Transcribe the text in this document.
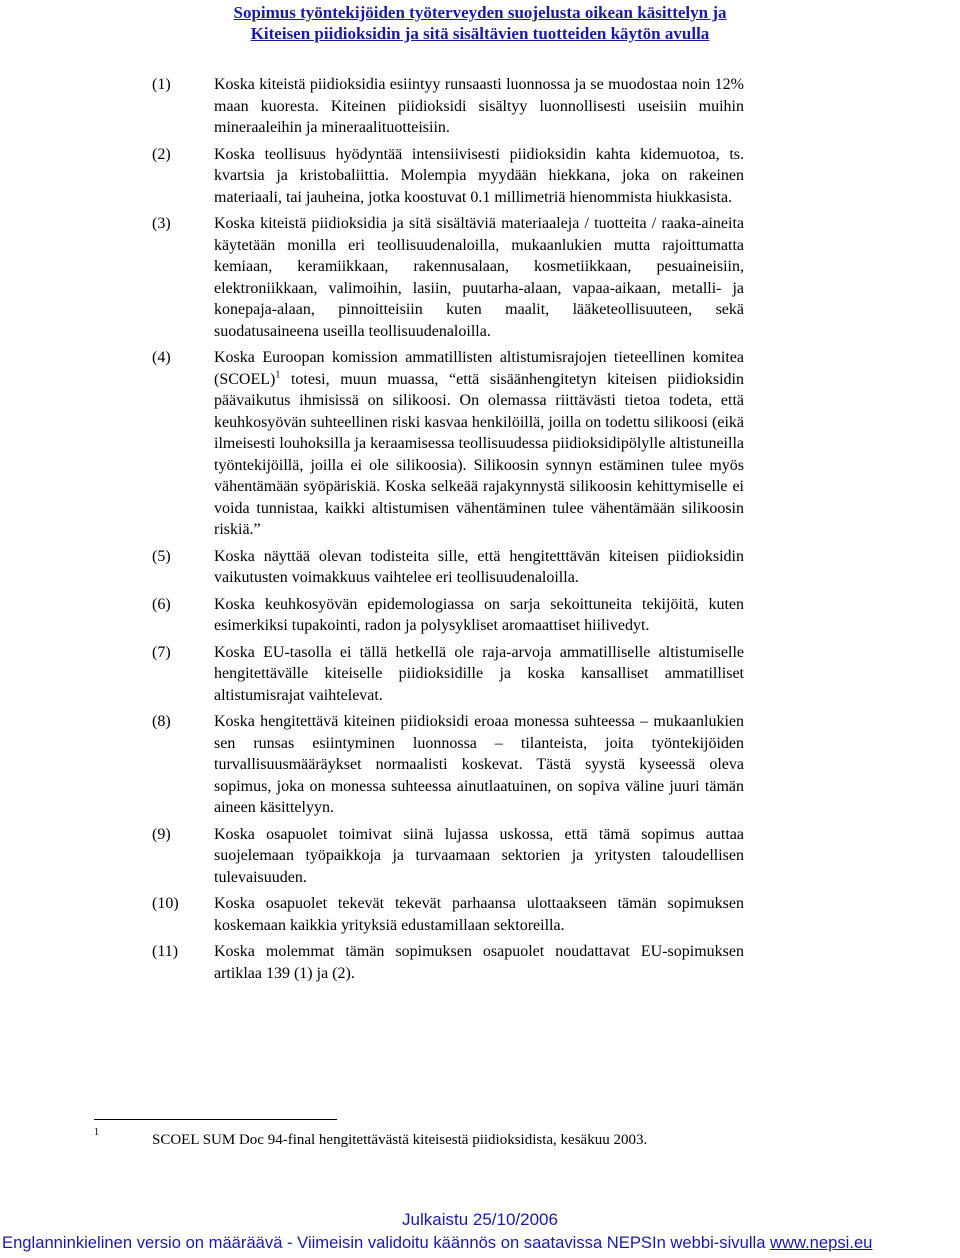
Sopimus työntekijöiden työterveyden suojelusta oikean käsittelyn ja
Kiteisen piidioksidin ja sitä sisältävien tuotteiden käytön avulla
(1)	Koska kiteistä piidioksidia esiintyy runsaasti luonnossa ja se muodostaa noin 12% maan kuoresta. Kiteinen piidioksidi sisältyy luonnollisesti useisiin muihin mineraaleihin ja mineraalituotteisiin.
(2)	Koska teollisuus hyödyntää intensiivisesti piidioksidin kahta kidemuotoa, ts. kvartsia ja kristobaliittia. Molempia myydään hiekkana, joka on rakeinen materiaali, tai jauheina, jotka koostuvat 0.1 millimetriä hienommista hiukkasista.
(3)	Koska kiteistä piidioksidia ja sitä sisältäviä materiaaleja / tuotteita / raaka-aineita käytetään monilla eri teollisuudenaloilla, mukaanlukien mutta rajoittumatta kemiaan, keramiikkaan, rakennusalaan, kosmetiikkaan, pesuaineisiin, elektroniikkaan, valimoihin, lasiin, puutarha-alaan, vapaa-aikaan, metalli- ja konepaja-alaan, pinnoitteisiin kuten maalit, lääketeollisuuteen, sekä suodatusaineena useilla teollisuudenaloilla.
(4)	Koska Euroopan komission ammatillisten altistumisrajojen tieteellinen komitea (SCOEL)$^1$ totesi, muun muassa, “että sisäänhengitetyn kiteisen piidioksidin päävaikutus ihmisissä on silikoosi. On olemassa riittävästi tietoa todeta, että keuhkosyövän suhteellinen riski kasvaa henkilöillä, joilla on todettu silikoosi (eikä ilmeisesti louhoksilla ja keraamisessa teollisuudessa piidioksidipölylle altistuneilla työntekijöillä, joilla ei ole silikoosia). Silikoosin synnyn estäminen tulee myös vähentämään syöpäriskiä. Koska selkeää rajakynnystä silikoosin kehittymiselle ei voida tunnistaa, kaikki altistumisen vähentäminen tulee vähentämään silikoosin riskiä.”
(5)	Koska näyttää olevan todisteita sille, että hengitetttävän kiteisen piidioksidin vaikutusten voimakkuus vaihtelee eri teollisuudenaloilla.
(6)	Koska keuhkosyövän epidemologiassa on sarja sekoittuneita tekijöitä, kuten esimerkiksi tupakointi, radon ja polysykliset aromaattiset hiilivedyt.
(7)	Koska EU-tasolla ei tällä hetkellä ole raja-arvoja ammatilliselle altistumiselle hengitettävälle kiteiselle piidioksidille ja koska kansalliset ammatilliset altistumisrajat vaihtelevat.
(8)	Koska hengitettävä kiteinen piidioksidi eroaa monessa suhteessa – mukaanlukien sen runsas esiintyminen luonnossa – tilanteista, joita työntekijöiden turvallisuusmääräykset normaalisti koskevat. Tästä syystä kyseessä oleva sopimus, joka on monessa suhteessa ainutlaatuinen, on sopiva väline juuri tämän aineen käsittelyyn.
(9)	Koska osapuolet toimivat siinä lujassa uskossa, että tämä sopimus auttaa suojelemaan työpaikkoja ja turvaamaan sektorien ja yritysten taloudellisen tulevaisuuden.
(10)	Koska osapuolet tekevät tekevät parhaansa ulottaakseen tämän sopimuksen koskemaan kaikkia yrityksiä edustamillaan sektoreilla.
(11)	Koska molemmat tämän sopimuksen osapuolet noudattavat EU-sopimuksen artiklaa 139 (1) ja (2).
1	SCOEL SUM Doc 94-final hengitettävästä kiteisestä piidioksidista, kesäkuu 2003.
Julkaistu 25/10/2006
Englanninkielinen versio on määräävä - Viimeisin validoitu käännös on saatavissa NEPSIn webbi-sivulla www.nepsi.eu
